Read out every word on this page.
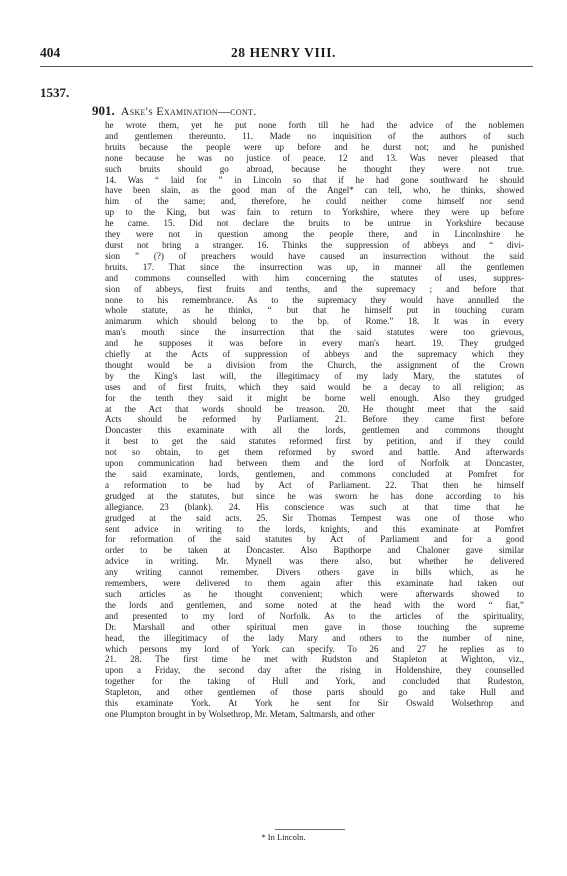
404	28 HENRY VIII.
1537.
901. Aske's Examination—cont.
he wrote them, yet he put none forth till he had the advice of the noblemen
and gentlemen thereunto. 11. Made no inquisition of the authors of such
bruits because the people were up before and he durst not; and he punished
none because he was no justice of peace. 12 and 13. Was never pleased that
such bruits should go abroad, because he thought they were not true.
14. Was “ laid for ” in Lincoln so that if he had gone southward he should
have been slain, as the good man of the Angel* can tell, who, he thinks, showed
him of the same; and, therefore, he could neither come himself nor send
up to the King, but was fain to return to Yorkshire, where they were up before
he came. 15. Did not declare the bruits to be untrue in Yorkshire because
they were not in question among the people there, and in Lincolnshire he
durst not bring a stranger. 16. Thinks the suppression of abbeys and “ divi-
sion ” (?) of preachers would have caused an insurrection without the said
bruits. 17. That since the insurrection was up, in manner all the gentlemen
and commons counselled with him concerning the statutes of uses, suppres-
sion of abbeys, first fruits and tenths, and the supremacy ; and before that
none to his remembrance. As to the supremacy they would have annulled the
whole statute, as he thinks, “ but that he himself put in touching curam
animarum which should belong to the bp. of Rome.” 18. It was in every
man's mouth since the insurrection that the said statutes were too grievous,
and he supposes it was before in every man's heart. 19. They grudged
chiefly at the Acts of suppression of abbeys and the supremacy which they
thought would be a division from the Church, the assignment of the Crown
by the King's last will, the illegitimacy of my lady Mary, the statutes of
uses and of first fruits, which they said would be a decay to all religion; as
for the tenth they said it might be borne well enough. Also they grudged
at the Act that words should be treason. 20. He thought meet that the said
Acts should be reformed by Parliament. 21. Before they came first before
Doncaster this examinate with all the lords, gentlemen and commons thought
it best to get the said statutes reformed first by petition, and if they could
not so obtain, to get them reformed by sword and battle. And afterwards
upon communication had between them and the lord of Norfolk at Doncaster,
the said examinate, lords, gentlemen, and commons concluded at Pomfret for
a reformation to be had by Act of Parliament. 22. That then he himself
grudged at the statutes, but since he was sworn he has done according to his
allegiance. 23 (blank). 24. His conscience was such at that time that he
grudged at the said acts. 25. Sir Thomas Tempest was one of those who
sent advice in writing to the lords, knights, and this examinate at Pomfret
for reformation of the said statutes by Act of Parliament and for a good
order to be taken at Doncaster. Also Bapthorpe and Chaloner gave similar
advice in writing. Mr. Mynell was there also, but whether he delivered
any writing cannot remember. Divers others gave in bills which, as he
remembers, were delivered to them again after this examinate had taken out
such articles as he thought convenient; which were afterwards showed to
the lords and gentlemen, and some noted at the head with the word “ fiat,”
and presented to my lord of Norfolk. As to the articles of the spirituality,
Dr. Marshall and other spiritual men gave in those touching the supreme
head, the illegitimacy of the lady Mary and others to the number of nine,
which persons my lord of York can specify. To 26 and 27 he replies as to
21. 28. The first time he met with Rudston and Stapleton at Wighton, viz.,
upon a Friday, the second day after the rising in Holdenshire, they counselled
together for the taking of Hull and York, and concluded that Rudeston,
Stapleton, and other gentlemen of those parts should go and take Hull and
this examinate York. At York he sent for Sir Oswald Wolsethrop and
one Plumpton brought in by Wolsethrop, Mr. Metam, Saltmarsh, and other
* In Lincoln.
